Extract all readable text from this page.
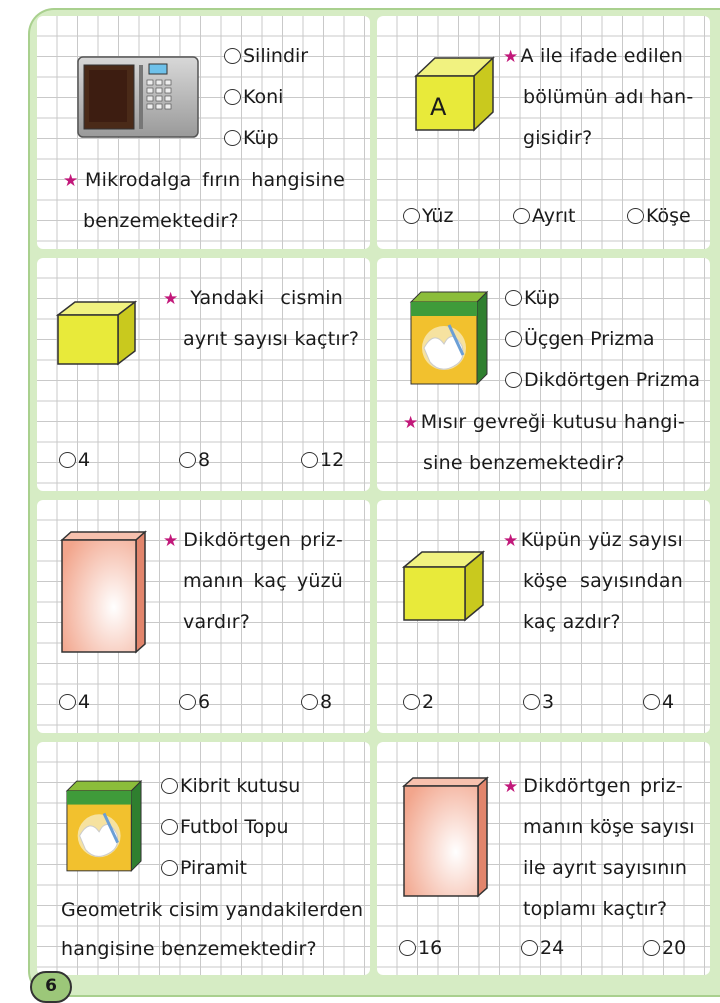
Silindir
Koni
Küp
★ Mikrodalga fırın hangisine
benzemektedir?
A
★ A ile ifade edilen
bölümün adı han-
gisidir?
Yüz	Ayrıt	Köşe
★ Yandaki cismin
ayrıt sayısı kaçtır?
4	8	12
Küp
Üçgen Prizma
Dikdörtgen Prizma
★ Mısır gevreği kutusu hangi-
sine benzemektedir?
★ Dikdörtgen priz-
manın kaç yüzü
vardır?
4	6	8
★ Küpün yüz sayısı
köşe sayısından
kaç azdır?
2	3	4
Kibrit kutusu
Futbol Topu
Piramit
Geometrik cisim yandakilerden
hangisine benzemektedir?
★ Dikdörtgen priz-
manın köşe sayısı
ile ayrıt sayısının
toplamı kaçtır?
16	24	20
6
